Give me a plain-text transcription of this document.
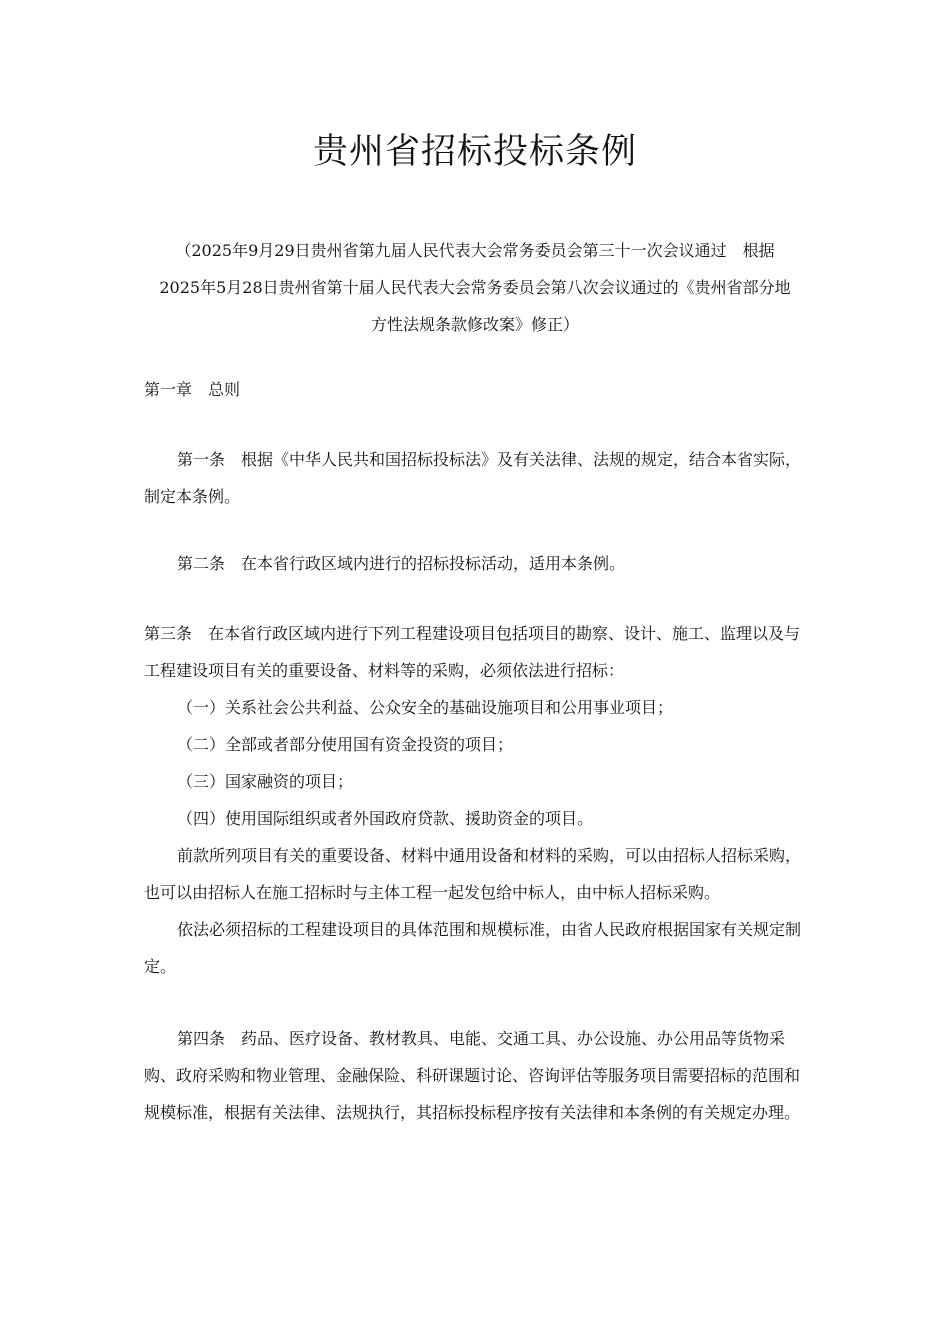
贵州省招标投标条例
（2025年9月29日贵州省第九届人民代表大会常务委员会第三十一次会议通过　根据
2025年5月28日贵州省第十届人民代表大会常务委员会第八次会议通过的《贵州省部分地
方性法规条款修改案》修正）

第一章　总则

第一条　根据《中华人民共和国招标投标法》及有关法律、法规的规定，结合本省实际，制定本条例。

第二条　在本省行政区域内进行的招标投标活动，适用本条例。

第三条　在本省行政区域内进行下列工程建设项目包括项目的勘察、设计、施工、监理以及与工程建设项目有关的重要设备、材料等的采购，必须依法进行招标：

（一）关系社会公共利益、公众安全的基础设施项目和公用事业项目；

（二）全部或者部分使用国有资金投资的项目；

（三）国家融资的项目；

（四）使用国际组织或者外国政府贷款、援助资金的项目。

前款所列项目有关的重要设备、材料中通用设备和材料的采购，可以由招标人招标采购，也可以由招标人在施工招标时与主体工程一起发包给中标人，由中标人招标采购。

依法必须招标的工程建设项目的具体范围和规模标准，由省人民政府根据国家有关规定制定。

第四条　药品、医疗设备、教材教具、电能、交通工具、办公设施、办公用品等货物采购、政府采购和物业管理、金融保险、科研课题讨论、咨询评估等服务项目需要招标的范围和规模标准，根据有关法律、法规执行，其招标投标程序按有关法律和本条例的有关规定办理。
